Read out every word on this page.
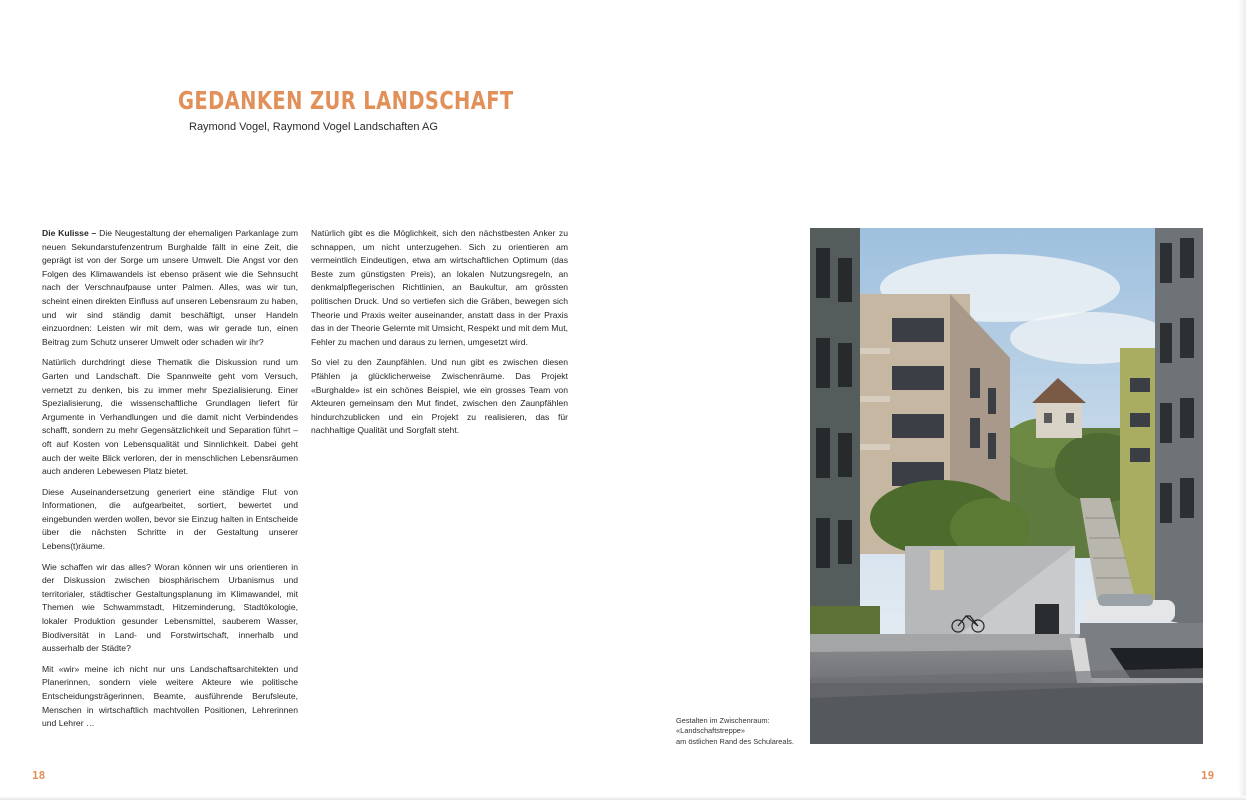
GEDANKEN ZUR LANDSCHAFT
Raymond Vogel, Raymond Vogel Landschaften AG

Die Kulisse – Die Neugestaltung der ehemaligen Parkanlage zum neuen Sekundarstufenzentrum Burghalde fällt in eine Zeit, die geprägt ist von der Sorge um unsere Umwelt. Die Angst vor den Folgen des Klimawandels ist ebenso präsent wie die Sehnsucht nach der Verschnaufpause unter Palmen. Alles, was wir tun, scheint einen direkten Einfluss auf unseren Lebensraum zu haben, und wir sind ständig damit beschäftigt, unser Handeln einzuordnen: Leisten wir mit dem, was wir gerade tun, einen Beitrag zum Schutz unserer Umwelt oder schaden wir ihr?

Natürlich durchdringt diese Thematik die Diskussion rund um Garten und Landschaft. Die Spannweite geht vom Versuch, vernetzt zu denken, bis zu immer mehr Spezialisierung. Einer Spezialisierung, die wissenschaftliche Grundlagen liefert für Argumente in Verhandlungen und die damit nicht Verbindendes schafft, sondern zu mehr Gegensätzlichkeit und Separation führt – oft auf Kosten von Lebensqualität und Sinnlichkeit. Dabei geht auch der weite Blick verloren, der in menschlichen Lebensräumen auch anderen Lebewesen Platz bietet.

Diese Auseinandersetzung generiert eine ständige Flut von Informationen, die aufgearbeitet, sortiert, bewertet und eingebunden werden wollen, bevor sie Einzug halten in Entscheide über die nächsten Schritte in der Gestaltung unserer Lebens(t)räume.

Wie schaffen wir das alles? Woran können wir uns orientieren in der Diskussion zwischen biosphärischem Urbanismus und territorialer, städtischer Gestaltungsplanung im Klimawandel, mit Themen wie Schwammstadt, Hitzeminderung, Stadtökologie, lokaler Produktion gesunder Lebensmittel, sauberem Wasser, Biodiversität in Land- und Forstwirtschaft, innerhalb und ausserhalb der Städte?

Mit «wir» meine ich nicht nur uns Landschaftsarchitekten und Planerinnen, sondern viele weitere Akteure wie politische Entscheidungsträgerinnen, Beamte, ausführende Berufsleute, Menschen in wirtschaftlich machtvollen Positionen, Lehrerinnen und Lehrer …

Natürlich gibt es die Möglichkeit, sich den nächstbesten Anker zu schnappen, um nicht unterzugehen. Sich zu orientieren am vermeintlich Eindeutigen, etwa am wirtschaftlichen Optimum (das Beste zum günstigsten Preis), an lokalen Nutzungsregeln, an denkmalpflegerischen Richtlinien, an Baukultur, am grössten politischen Druck. Und so vertiefen sich die Gräben, bewegen sich Theorie und Praxis weiter auseinander, anstatt dass in der Praxis das in der Theorie Gelernte mit Umsicht, Respekt und mit dem Mut, Fehler zu machen und daraus zu lernen, umgesetzt wird.

So viel zu den Zaunpfählen. Und nun gibt es zwischen diesen Pfählen ja glücklicherweise Zwischenräume. Das Projekt «Burghalde» ist ein schönes Beispiel, wie ein grosses Team von Akteuren gemeinsam den Mut findet, zwischen den Zaunpfählen hindurchzublicken und ein Projekt zu realisieren, das für nachhaltige Qualität und Sorgfalt steht.

Gestalten im Zwischenraum:
«Landschaftstreppe»
am östlichen Rand des Schulareals.
18	19
